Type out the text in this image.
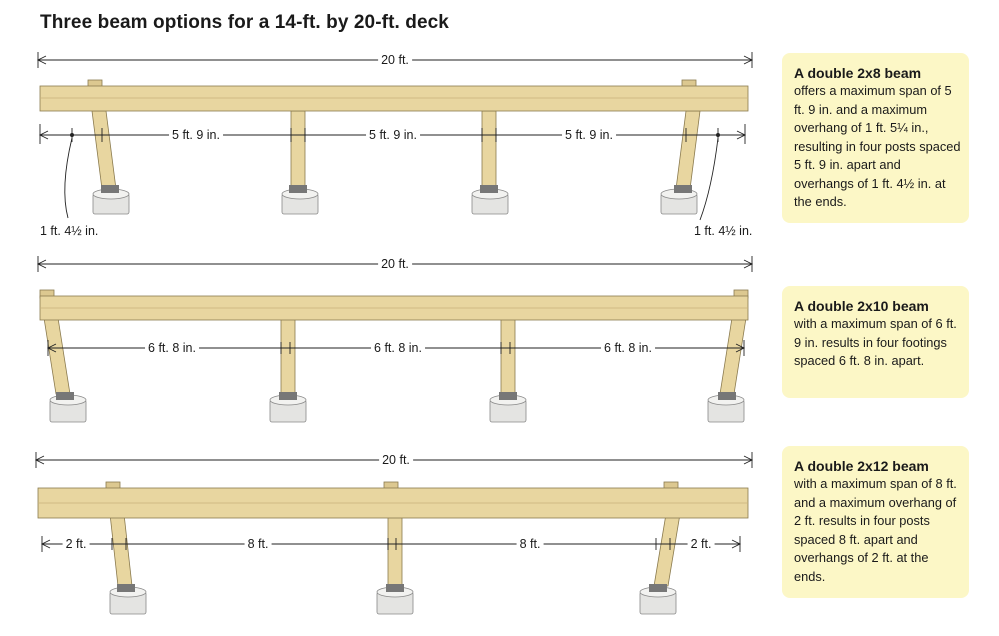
Three beam options for a 14-ft. by 20-ft. deck
20 ft.
5 ft. 9 in.	5 ft. 9 in.	5 ft. 9 in.
1 ft. 4½ in.	1 ft. 4½ in.
A double 2x8 beam

offers a maximum span of 5 ft. 9 in. and a maximum overhang of 1 ft. 5¼ in., resulting in four posts spaced 5 ft. 9 in. apart and overhangs of 1 ft. 4½ in. at the ends.

20 ft.
6 ft. 8 in.	6 ft. 8 in.	6 ft. 8 in.
A double 2x10 beam

with a maximum span of 6 ft. 9 in. results in four footings spaced 6 ft. 8 in. apart.

20 ft.
2 ft.	8 ft.	8 ft.	2 ft.
A double 2x12 beam

with a maximum span of 8 ft. and a maximum overhang of 2 ft. results in four posts spaced 8 ft. apart and overhangs of 2 ft. at the ends.
